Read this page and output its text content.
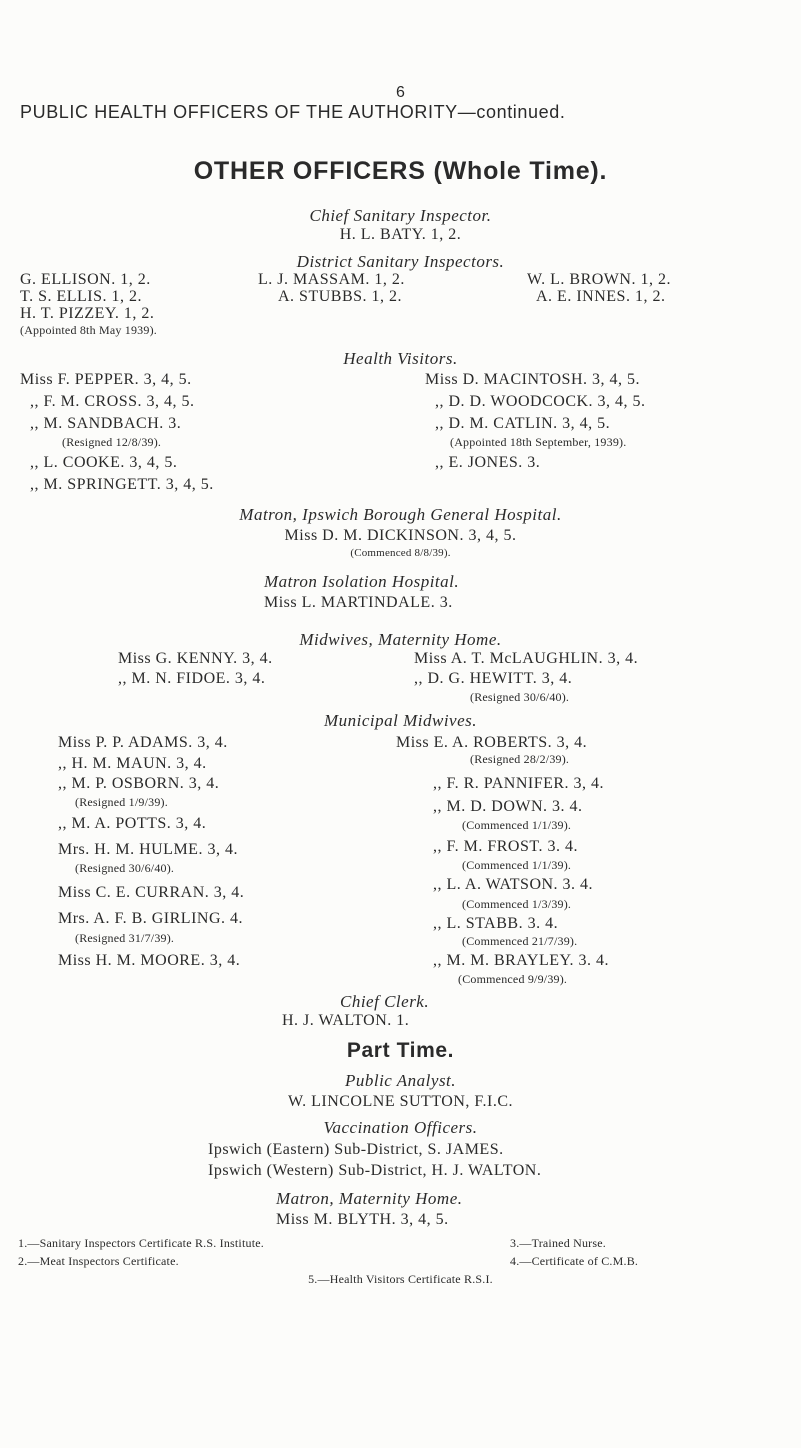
6
PUBLIC HEALTH OFFICERS OF THE AUTHORITY—continued.
OTHER OFFICERS (Whole Time).
Chief Sanitary Inspector.
H. L. BATY. 1, 2.
District Sanitary Inspectors.
G. ELLISON. 1, 2.	L. J. MASSAM. 1, 2.	W. L. BROWN. 1, 2.
T. S. ELLIS. 1, 2.	A. STUBBS. 1, 2.	A. E. INNES. 1, 2.
H. T. PIZZEY. 1, 2.
(Appointed 8th May 1939).
Health Visitors.
Miss F. PEPPER. 3, 4, 5.
,, F. M. CROSS. 3, 4, 5.
,, M. SANDBACH. 3.
(Resigned 12/8/39).
,, L. COOKE. 3, 4, 5.
,, M. SPRINGETT. 3, 4, 5.
Miss D. MACINTOSH. 3, 4, 5.
,, D. D. WOODCOCK. 3, 4, 5.
,, D. M. CATLIN. 3, 4, 5.
(Appointed 18th September, 1939).
,, E. JONES. 3.
Matron, Ipswich Borough General Hospital.
Miss D. M. DICKINSON. 3, 4, 5.
(Commenced 8/8/39).
Matron Isolation Hospital.
Miss L. MARTINDALE. 3.
Midwives, Maternity Home.
Miss G. KENNY. 3, 4.
,, M. N. FIDOE. 3, 4.
Miss A. T. McLAUGHLIN. 3, 4.
,, D. G. HEWITT. 3, 4.
(Resigned 30/6/40).
Municipal Midwives.
Miss P. P. ADAMS. 3, 4.
,, H. M. MAUN. 3, 4.
,, M. P. OSBORN. 3, 4.
(Resigned 1/9/39).
,, M. A. POTTS. 3, 4.
Mrs. H. M. HULME. 3, 4.
(Resigned 30/6/40).
Miss C. E. CURRAN. 3, 4.
Mrs. A. F. B. GIRLING. 4.
(Resigned 31/7/39).
Miss H. M. MOORE. 3, 4.
Miss E. A. ROBERTS. 3, 4.
(Resigned 28/2/39).
,, F. R. PANNIFER. 3, 4.
,, M. D. DOWN. 3. 4.
(Commenced 1/1/39).
,, F. M. FROST. 3. 4.
(Commenced 1/1/39).
,, L. A. WATSON. 3. 4.
(Commenced 1/3/39).
,, L. STABB. 3. 4.
(Commenced 21/7/39).
,, M. M. BRAYLEY. 3. 4.
(Commenced 9/9/39).
Chief Clerk.
H. J. WALTON. 1.
Part Time.
Public Analyst.
W. LINCOLNE SUTTON, F.I.C.
Vaccination Officers.
Ipswich (Eastern) Sub-District, S. JAMES.
Ipswich (Western) Sub-District, H. J. WALTON.
Matron, Maternity Home.
Miss M. BLYTH. 3, 4, 5.
1.—Sanitary Inspectors Certificate R.S. Institute.	3.—Trained Nurse.
2.—Meat Inspectors Certificate.	4.—Certificate of C.M.B.
5.—Health Visitors Certificate R.S.I.
